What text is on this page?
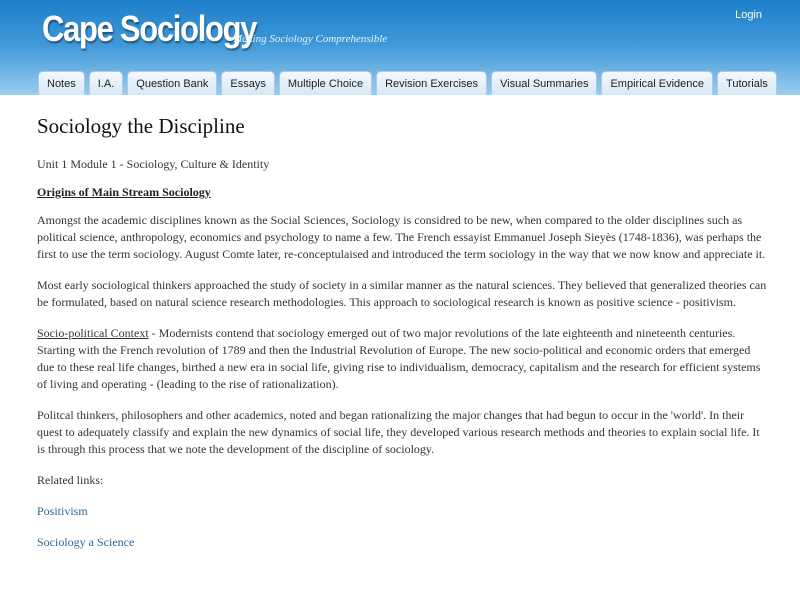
Cape Sociology
Making Sociology Comprehensible
Login
Notes	I.A.	Question Bank	Essays	Multiple Choice	Revision Exercises	Visual Summaries	Empirical Evidence	Tutorials
Sociology the Discipline

Unit 1 Module 1 - Sociology, Culture & Identity

Origins of Main Stream Sociology

Amongst the academic disciplines known as the Social Sciences, Sociology is considred to be new, when compared to the older disciplines such as political science, anthropology, economics and psychology to name a few. The French essayist Emmanuel Joseph Sieyès (1748-1836), was perhaps the first to use the term sociology. August Comte later, re-conceptulaised and introduced the term sociology in the way that we now know and appreciate it.

Most early sociological thinkers approached the study of society in a similar manner as the natural sciences. They believed that generalized theories can be formulated, based on natural science research methodologies. This approach to sociological research is known as positive science - positivism.

Socio-political Context - Modernists contend that sociology emerged out of two major revolutions of the late eighteenth and nineteenth centuries. Starting with the French revolution of 1789 and then the Industrial Revolution of Europe. The new socio-political and economic orders that emerged due to these real life changes, birthed a new era in social life, giving rise to individualism, democracy, capitalism and the research for efficient systems of living and operating - (leading to the rise of rationalization).

Politcal thinkers, philosophers and other academics, noted and began rationalizing the major changes that had begun to occur in the 'world'. In their quest to adequately classify and explain the new dynamics of social life, they developed various research methods and theories to explain social life. It is through this process that we note the development of the discipline of sociology.

Related links:

Positivism
Sociology a Science
